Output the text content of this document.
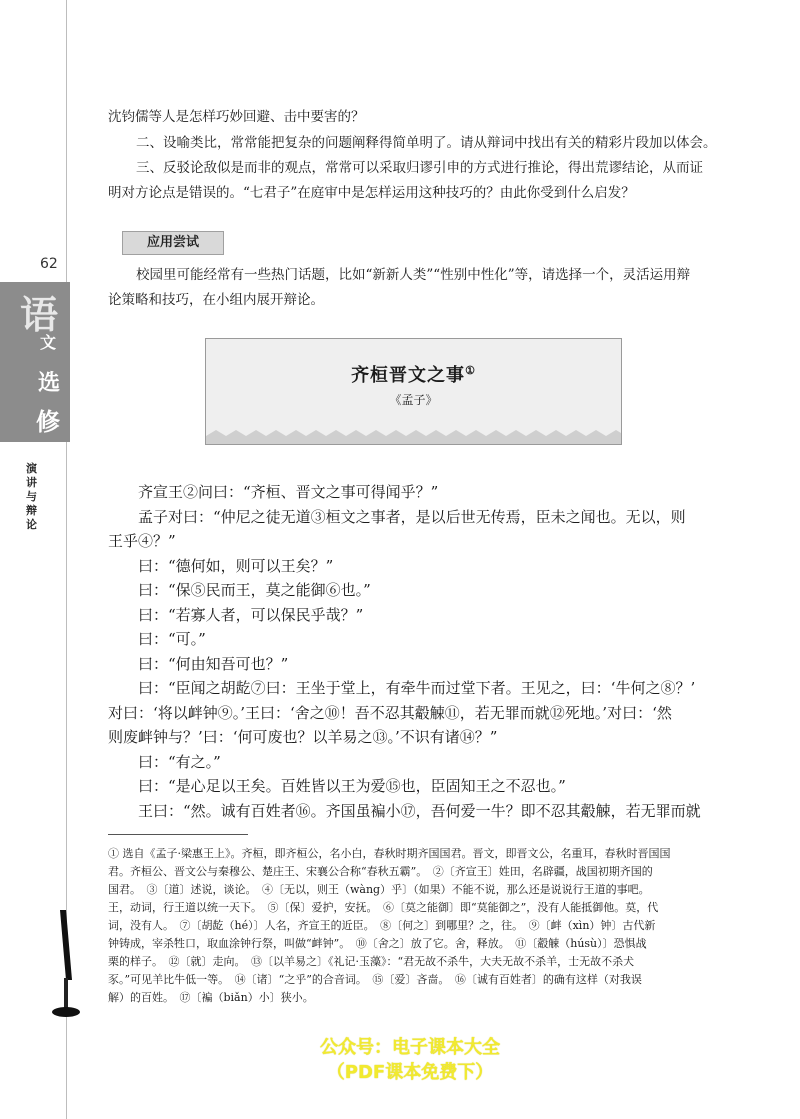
62
语
文
选
修
演讲与辩论

沈钧儒等人是怎样巧妙回避、击中要害的？

二、设喻类比，常常能把复杂的问题阐释得简单明了。请从辩词中找出有关的精彩片段加以体会。

三、反驳论敌似是而非的观点，常常可以采取归谬引申的方式进行推论，得出荒谬结论，从而证

明对方论点是错误的。“七君子”在庭审中是怎样运用这种技巧的？由此你受到什么启发？

应用尝试

校园里可能经常有一些热门话题，比如“新新人类”“性别中性化”等，请选择一个，灵活运用辩

论策略和技巧，在小组内展开辩论。

齐桓晋文之事①
《孟子》

　　齐宣王②问曰：“齐桓、晋文之事可得闻乎？”

　　孟子对曰：“仲尼之徒无道③桓文之事者，是以后世无传焉，臣未之闻也。无以，则

王乎④？”

　　曰：“德何如，则可以王矣？”

　　曰：“保⑤民而王，莫之能御⑥也。”

　　曰：“若寡人者，可以保民乎哉？”

　　曰：“可。”

　　曰：“何由知吾可也？”

　　曰：“臣闻之胡龁⑦曰：王坐于堂上，有牵牛而过堂下者。王见之，曰：‘牛何之⑧？’

对曰：‘将以衅钟⑨。’王曰：‘舍之⑩！吾不忍其觳觫⑪，若无罪而就⑫死地。’对曰：‘然

则废衅钟与？’曰：‘何可废也？以羊易之⑬。’不识有诸⑭？”

　　曰：“有之。”

　　曰：“是心足以王矣。百姓皆以王为爱⑮也，臣固知王之不忍也。”

　　王曰：“然。诚有百姓者⑯。齐国虽褊小⑰，吾何爱一牛？即不忍其觳觫，若无罪而就

① 选自《孟子·梁惠王上》。齐桓，即齐桓公，名小白，春秋时期齐国国君。晋文，即晋文公，名重耳，春秋时晋国国
君。齐桓公、晋文公与秦穆公、楚庄王、宋襄公合称“春秋五霸”。　②〔齐宣王〕姓田，名辟疆，战国初期齐国的
国君。　③〔道〕述说，谈论。　④〔无以，则王（wàng）乎〕（如果）不能不说，那么还是说说行王道的事吧。
王，动词，行王道以统一天下。　⑤〔保〕爱护，安抚。　⑥〔莫之能御〕即“莫能御之”，没有人能抵御他。莫，代
词，没有人。　⑦〔胡龁（hé）〕人名，齐宣王的近臣。　⑧〔何之〕到哪里？之，往。　⑨〔衅（xìn）钟〕古代新
钟铸成，宰杀牲口，取血涂钟行祭，叫做“衅钟”。　⑩〔舍之〕放了它。舍，释放。　⑪〔觳觫（húsù）〕恐惧战
栗的样子。　⑫〔就〕走向。　⑬〔以羊易之〕《礼记·玉藻》：“君无故不杀牛，大夫无故不杀羊，士无故不杀犬
豕。”可见羊比牛低一等。　⑭〔诸〕“之乎”的合音词。　⑮〔爱〕吝啬。　⑯〔诚有百姓者〕的确有这样（对我误
解）的百姓。　⑰〔褊（biǎn）小〕狭小。
公众号：电子课本大全
（PDF课本免费下）
